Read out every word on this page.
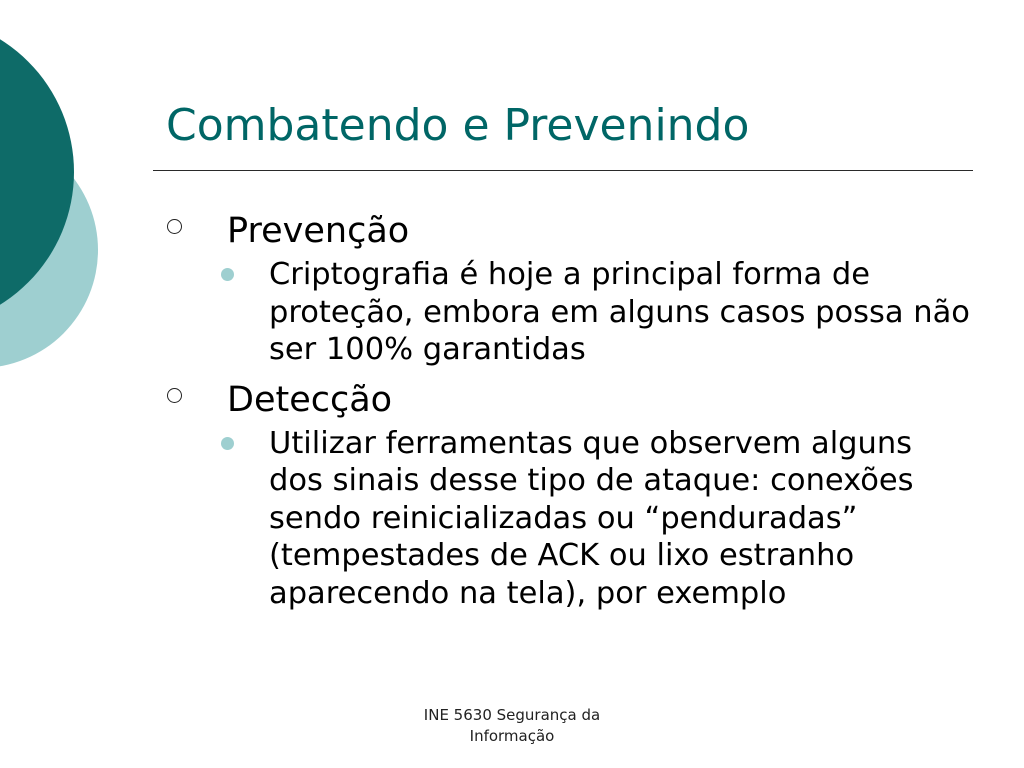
Combatendo e Prevenindo
Prevenção
Criptografia é hoje a principal forma de proteção, embora em alguns casos possa não ser 100% garantidas
Detecção
Utilizar ferramentas que observem alguns dos sinais desse tipo de ataque: conexões sendo reinicializadas ou “penduradas” (tempestades de ACK ou lixo estranho aparecendo na tela), por exemplo
INE 5630 Segurança da Informação
